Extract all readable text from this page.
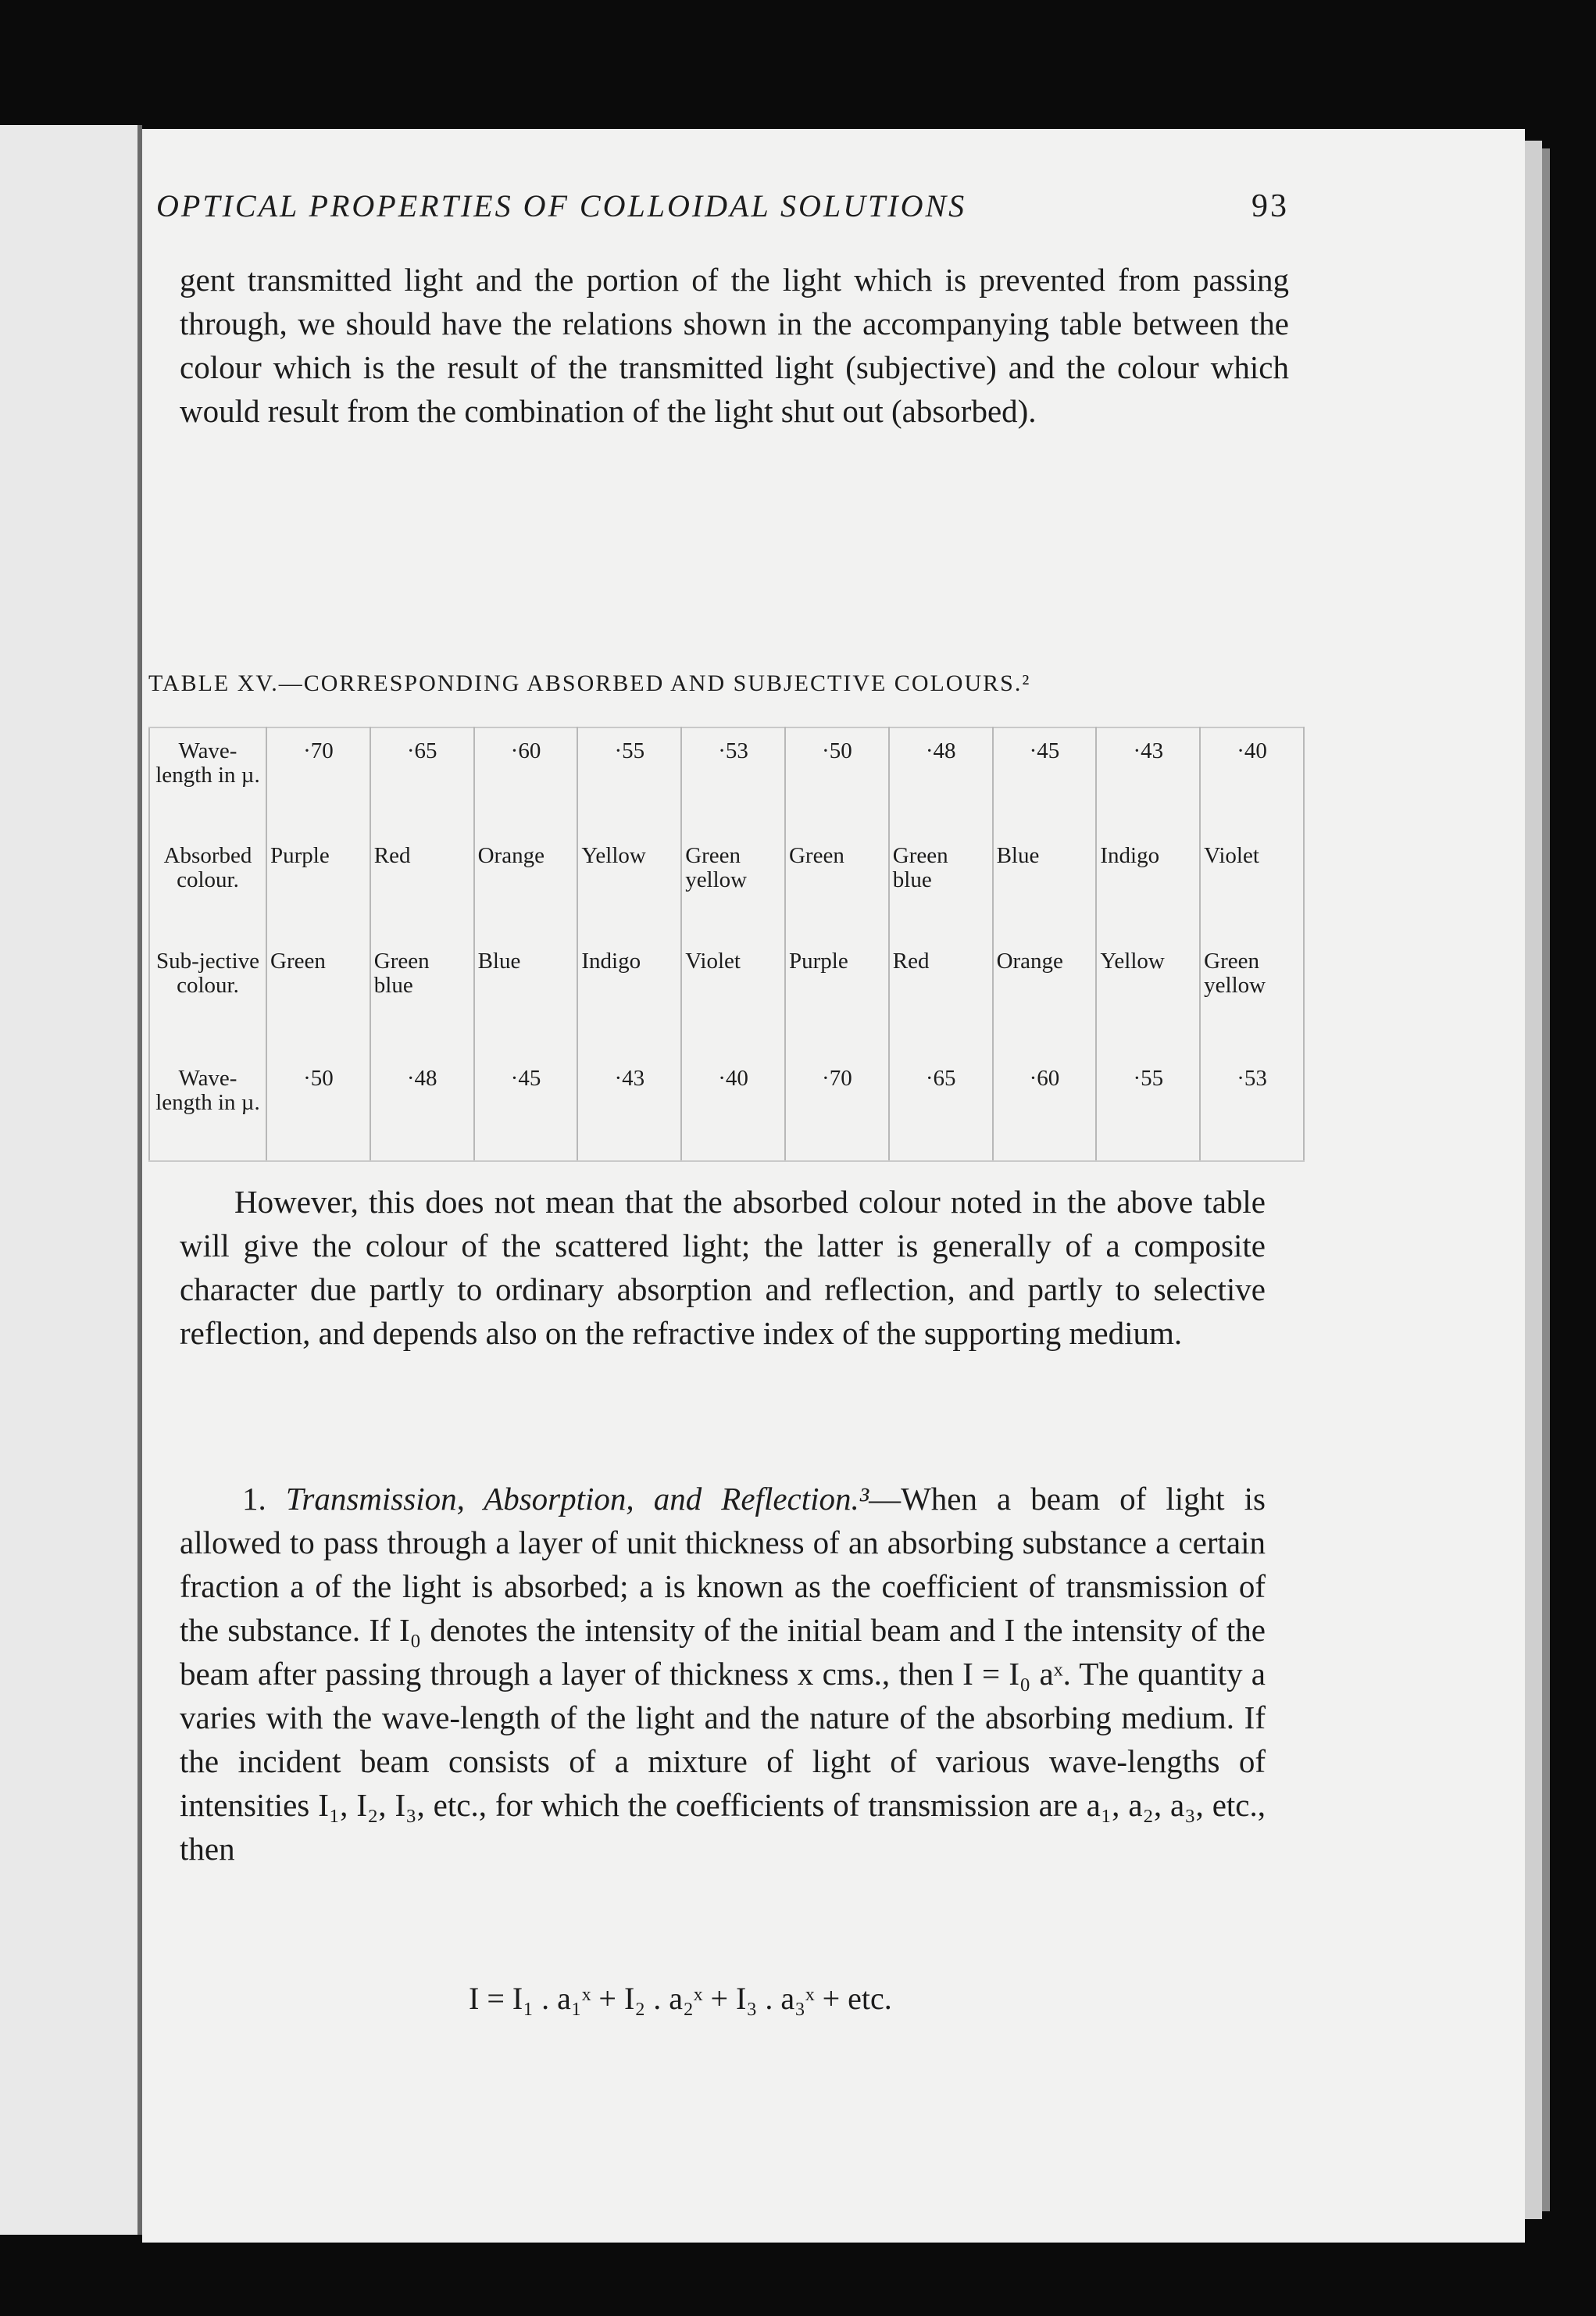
OPTICAL PROPERTIES OF COLLOIDAL SOLUTIONS	93
gent transmitted light and the portion of the light which is prevented from passing through, we should have the relations shown in the accompanying table between the colour which is the result of the transmitted light (subjective) and the colour which would result from the combination of the light shut out (absorbed).
TABLE XV.—CORRESPONDING ABSORBED AND SUBJECTIVE COLOURS.²
Wave-length in µ.	·70	·65	·60	·55	·53	·50	·48	·45	·43	·40
Absorbed colour.	Purple	Red	Orange	Yellow	Green yellow	Green	Green blue	Blue	Indigo	Violet
Sub-jective colour.	Green	Green blue	Blue	Indigo	Violet	Purple	Red	Orange	Yellow	Green yellow
Wave-length in µ.	·50	·48	·45	·43	·40	·70	·65	·60	·55	·53
However, this does not mean that the absorbed colour noted in the above table will give the colour of the scattered light; the latter is generally of a composite character due partly to ordinary absorption and reflection, and partly to selective reflection, and depends also on the refractive index of the supporting medium.
1. Transmission, Absorption, and Reflection.³—When a beam of light is allowed to pass through a layer of unit thickness of an absorbing substance a certain fraction a of the light is absorbed; a is known as the coefficient of transmission of the substance. If I₀ denotes the intensity of the initial beam and I the intensity of the beam after passing through a layer of thickness x cms., then I = I₀ aˣ. The quantity a varies with the wave-length of the light and the nature of the absorbing medium. If the incident beam consists of a mixture of light of various wave-lengths of intensities I₁, I₂, I₃, etc., for which the coefficients of transmission are a₁, a₂, a₃, etc., then
I = I₁ . a₁ˣ + I₂ . a₂ˣ + I₃ . a₃ˣ + etc.
